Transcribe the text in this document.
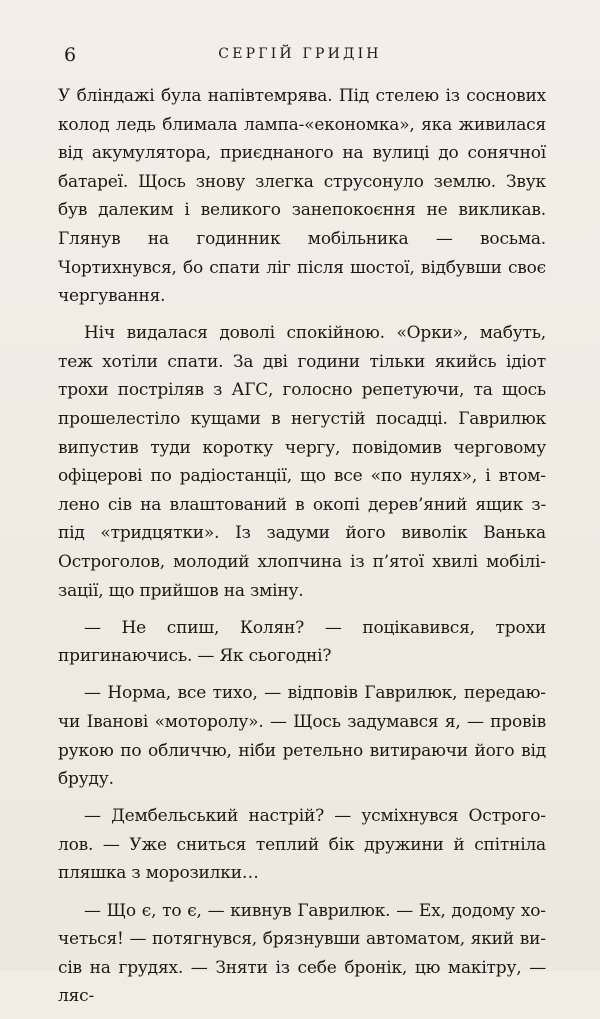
6	СЕРГІЙ ГРИДІН

У бліндажі була напівтемрява. Під стелею із соснових колод ледь блимала лампа-«економка», яка живилася від акумулятора, приєднаного на вулиці до сонячної батареї. Щось знову злегка струсонуло землю. Звук був далеким і великого занепокоєння не викликав. Глянув на годинник мобільника — восьма. Чортихнувся, бо спати ліг після шостої, відбувши своє чергування.

Ніч видалася доволі спокійною. «Орки», мабуть, теж хотіли спати. За дві години тільки якийсь ідіот трохи постріляв з АГС, голосно репетуючи, та щось прошелестіло кущами в негустій посадці. Гаврилюк випустив туди коротку чергу, повідомив черговому офіцерові по радіостанції, що все «по нулях», і втомлено сів на влаштований в окопі дерев’яний ящик з-під «тридцятки». Із задуми його виволік Ванька Остроголов, молодий хлопчина із п’ятої хвилі мобілізації, що прийшов на зміну.

— Не спиш, Колян? — поцікавився, трохи пригинаючись. — Як сьогодні?

— Норма, все тихо, — відповів Гаврилюк, передаючи Іванові «моторолу». — Щось задумався я, — провів рукою по обличчю, ніби ретельно витираючи його від бруду.

— Дембельський настрій? — усміхнувся Остроголов. — Уже сниться теплий бік дружини й спітніла пляшка з морозилки…

— Що є, то є, — кивнув Гаврилюк. — Ех, додому хочеться! — потягнувся, брязнувши автоматом, який висів на грудях. — Зняти із себе бронік, цю макітру, — ляс-
